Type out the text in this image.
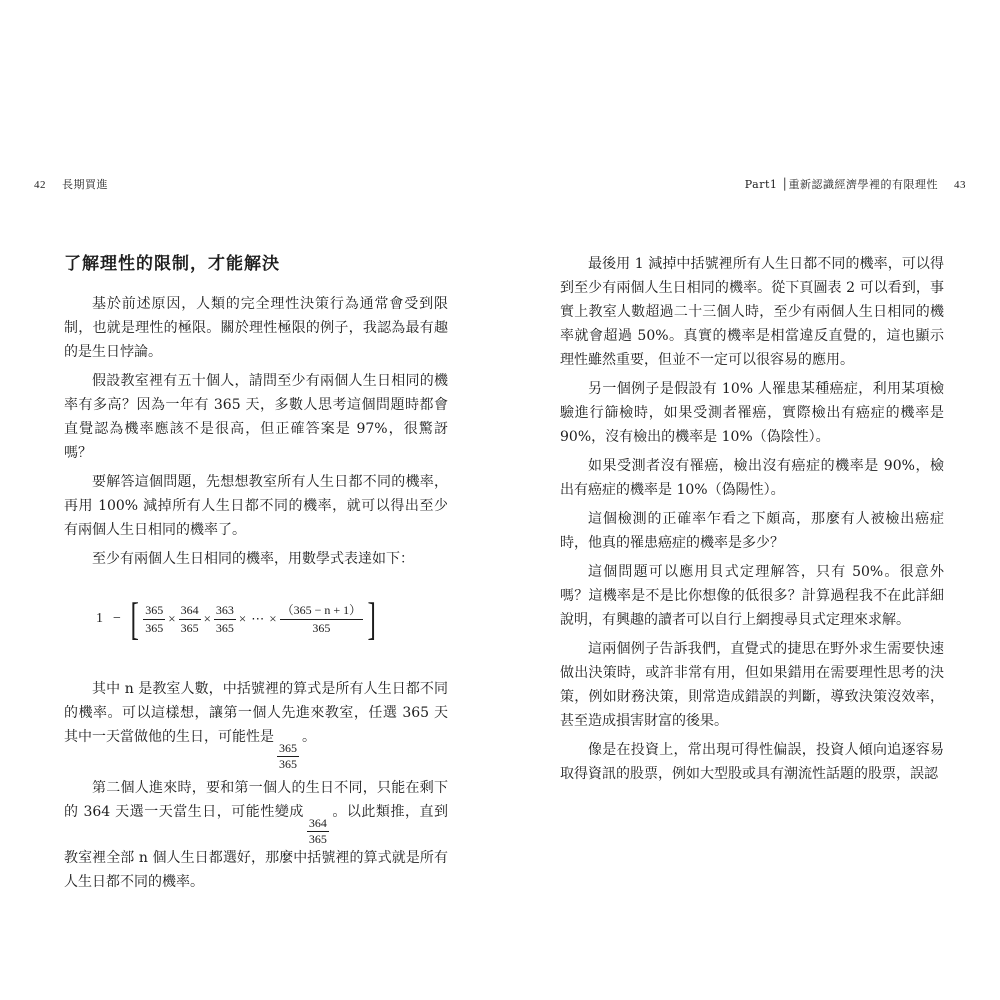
42 長期買進	Part1 │重新認識經濟學裡的有限理性 43
了解理性的限制，才能解決

基於前述原因，人類的完全理性決策行為通常會受到限制，也就是理性的極限。關於理性極限的例子，我認為最有趣的是生日悖論。

假設教室裡有五十個人，請問至少有兩個人生日相同的機率有多高？因為一年有 365 天，多數人思考這個問題時都會直覺認為機率應該不是很高，但正確答案是 97%，很驚訝嗎？

要解答這個問題，先想想教室所有人生日都不同的機率，再用 100% 減掉所有人生日都不同的機率，就可以得出至少有兩個人生日相同的機率了。

至少有兩個人生日相同的機率，用數學式表達如下：

1 − [ $\frac{365}{365} \times \frac{364}{365} \times \frac{363}{365}$ × ⋯ × $\frac{(365 - n + 1)}{365}$ ]

其中 n 是教室人數，中括號裡的算式是所有人生日都不同的機率。可以這樣想，讓第一個人先進來教室，任選 365 天其中一天當做他的生日，可能性是
$\frac{365}{365}$
。

第二個人進來時，要和第一個人的生日不同，只能在剩下的 364 天選一天當生日，可能性變成
$\frac{364}{365}$
。以此類推，直到教室裡全部 n 個人生日都選好，那麼中括號裡的算式就是所有人生日都不同的機率。

最後用 1 減掉中括號裡所有人生日都不同的機率，可以得到至少有兩個人生日相同的機率。從下頁圖表 2 可以看到，事實上教室人數超過二十三個人時，至少有兩個人生日相同的機率就會超過 50%。真實的機率是相當違反直覺的，這也顯示理性雖然重要，但並不一定可以很容易的應用。

另一個例子是假設有 10% 人罹患某種癌症，利用某項檢驗進行篩檢時，如果受測者罹癌，實際檢出有癌症的機率是 90%，沒有檢出的機率是 10%（偽陰性）。

如果受測者沒有罹癌，檢出沒有癌症的機率是 90%，檢出有癌症的機率是 10%（偽陽性）。

這個檢測的正確率乍看之下頗高，那麼有人被檢出癌症時，他真的罹患癌症的機率是多少？

這個問題可以應用貝式定理解答，只有 50%。很意外嗎？這機率是不是比你想像的低很多？計算過程我不在此詳細說明，有興趣的讀者可以自行上網搜尋貝式定理來求解。

這兩個例子告訴我們，直覺式的捷思在野外求生需要快速做出決策時，或許非常有用，但如果錯用在需要理性思考的決策，例如財務決策，則常造成錯誤的判斷，導致決策沒效率，甚至造成損害財富的後果。

像是在投資上，常出現可得性偏誤，投資人傾向追逐容易取得資訊的股票，例如大型股或具有潮流性話題的股票，誤認
